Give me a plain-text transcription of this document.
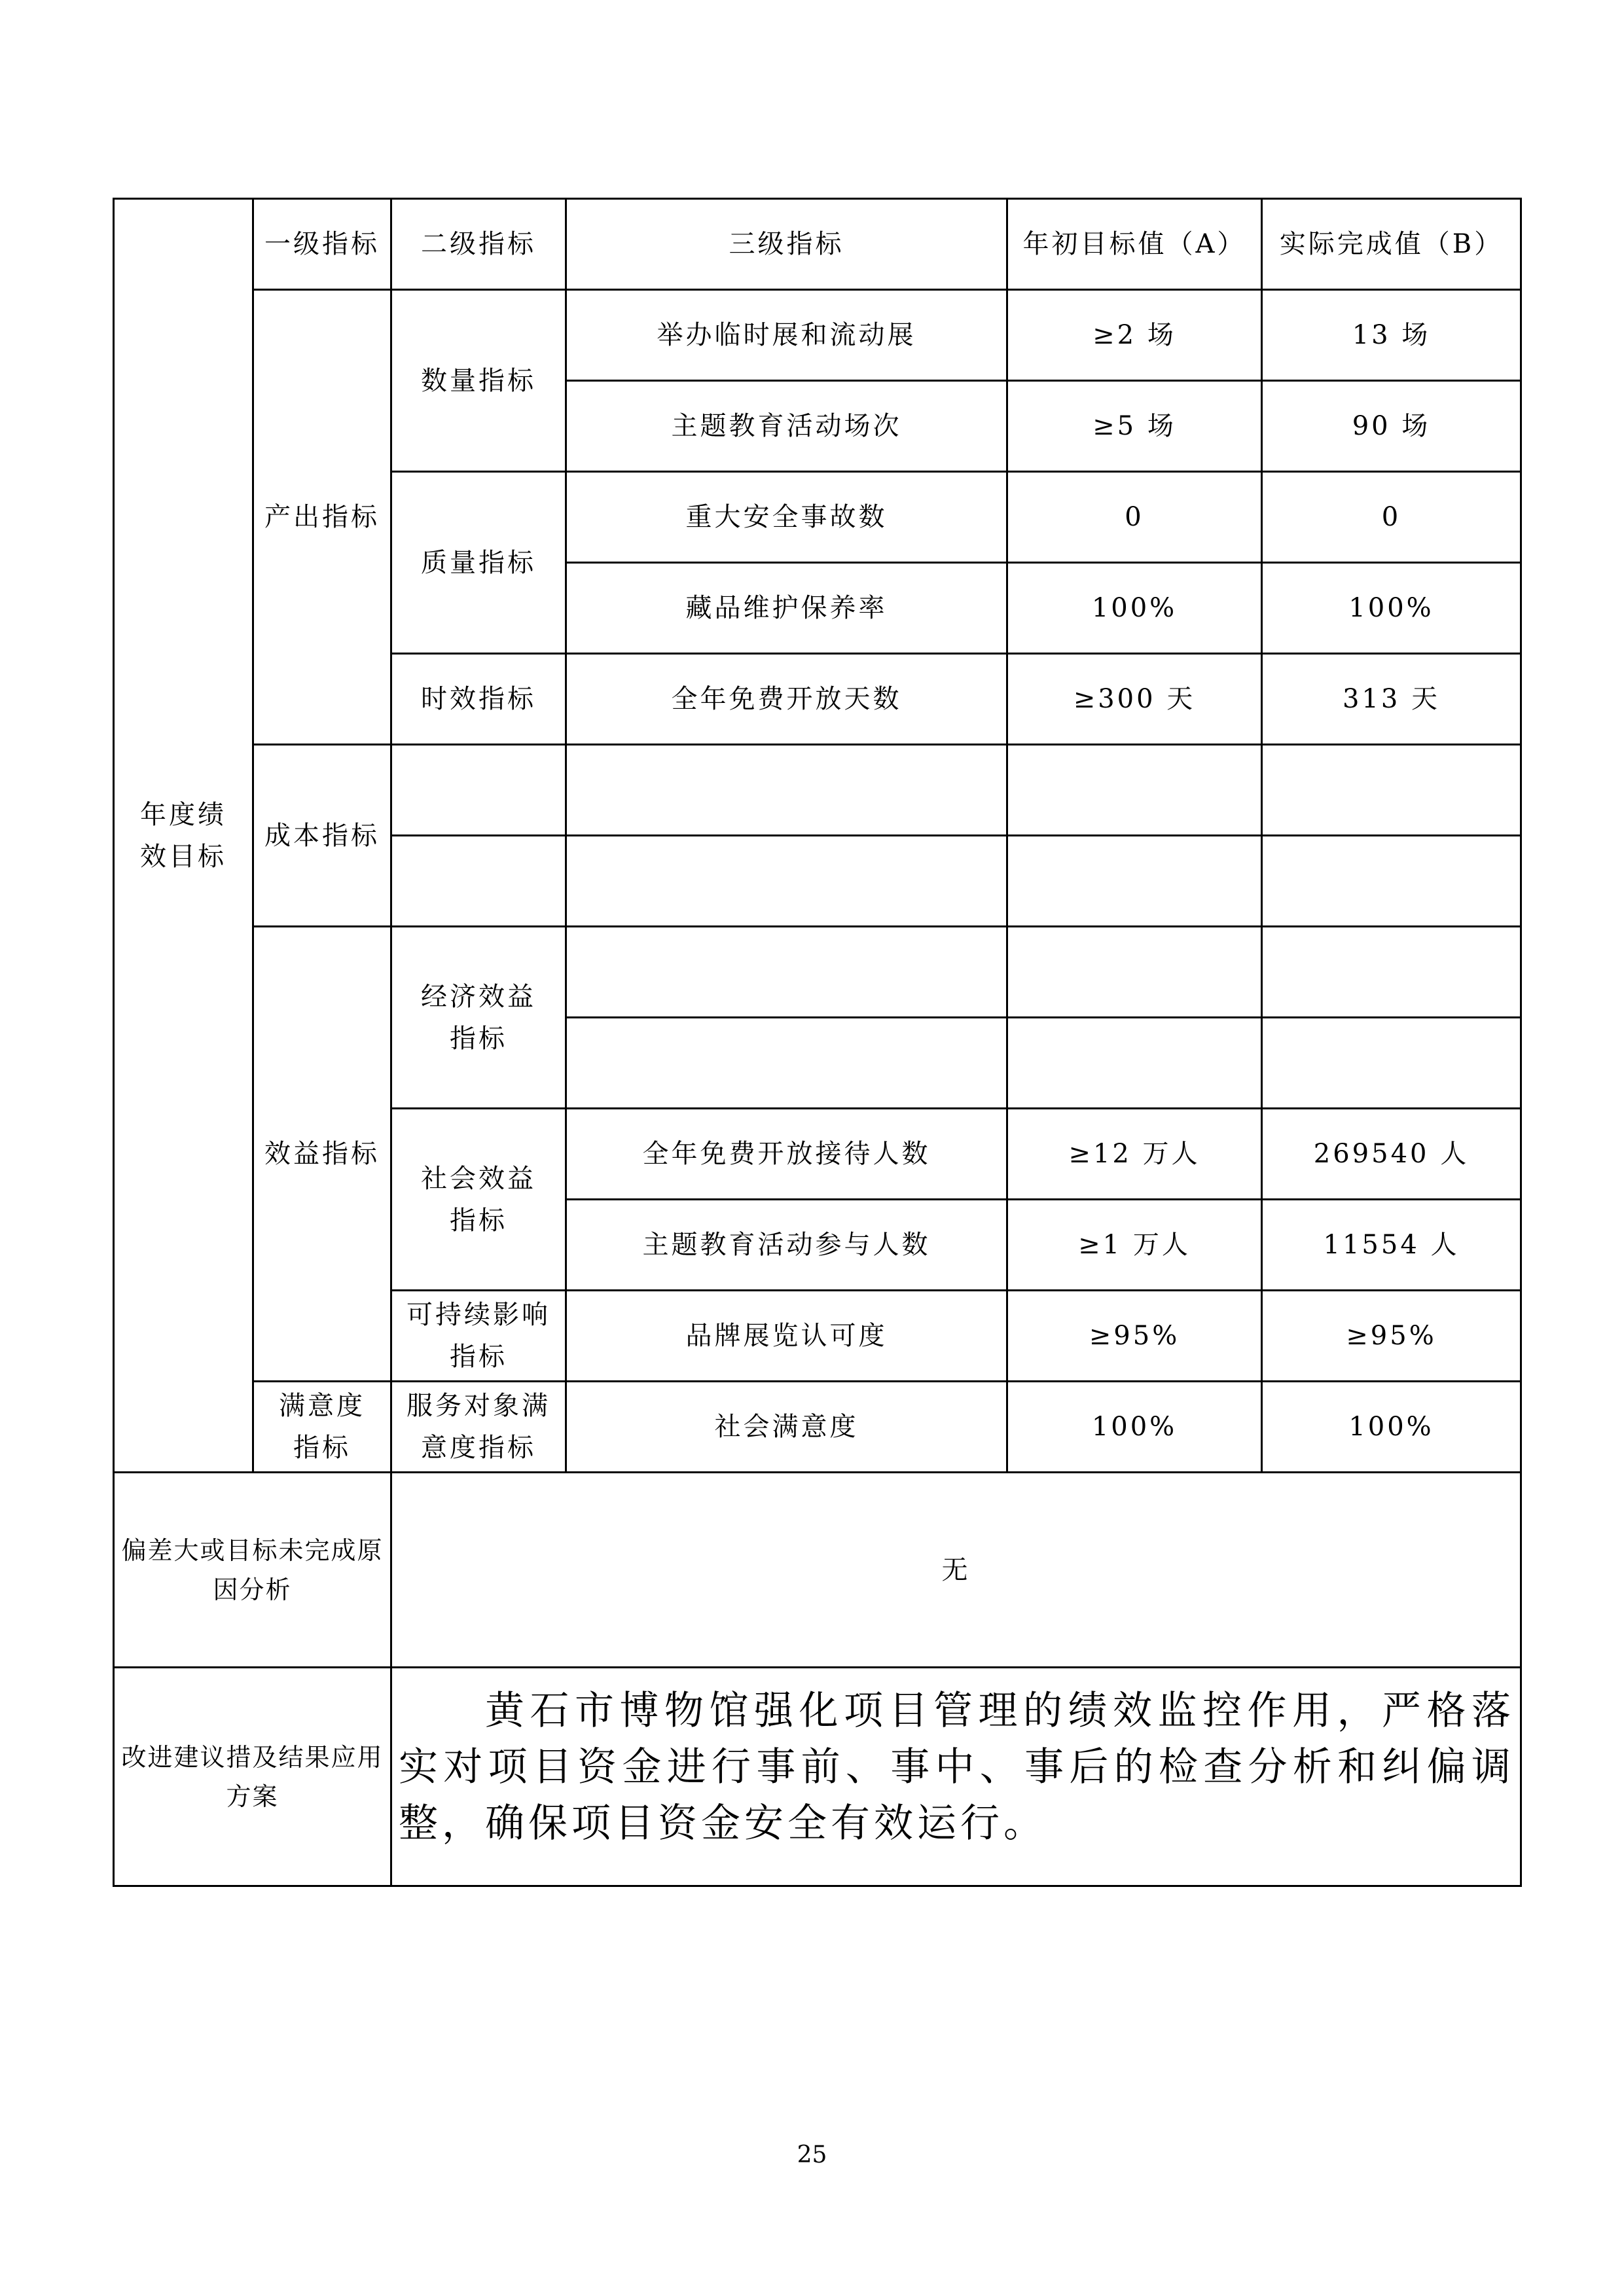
年度绩效目标	一级指标	二级指标	三级指标	年初目标值（A）	实际完成值（B）
	产出指标	数量指标	举办临时展和流动展	≥2 场	13 场
			主题教育活动场次	≥5 场	90 场
		质量指标	重大安全事故数	0	0
			藏品维护保养率	100%	100%
		时效指标	全年免费开放天数	≥300 天	313 天
	成本指标				

	效益指标	经济效益指标			

		社会效益指标	全年免费开放接待人数	≥12 万人	269540 人
			主题教育活动参与人数	≥1 万人	11554 人
		可持续影响指标	品牌展览认可度	≥95%	≥95%
	满意度指标	服务对象满意度指标	社会满意度	100%	100%
偏差大或目标未完成原因分析		无			
改进建议措及结果应用方案		黄石市博物馆强化项目管理的绩效监控作用，严格落实对项目资金进行事前、事中、事后的检查分析和纠偏调整，确保项目资金安全有效运行。			
25
